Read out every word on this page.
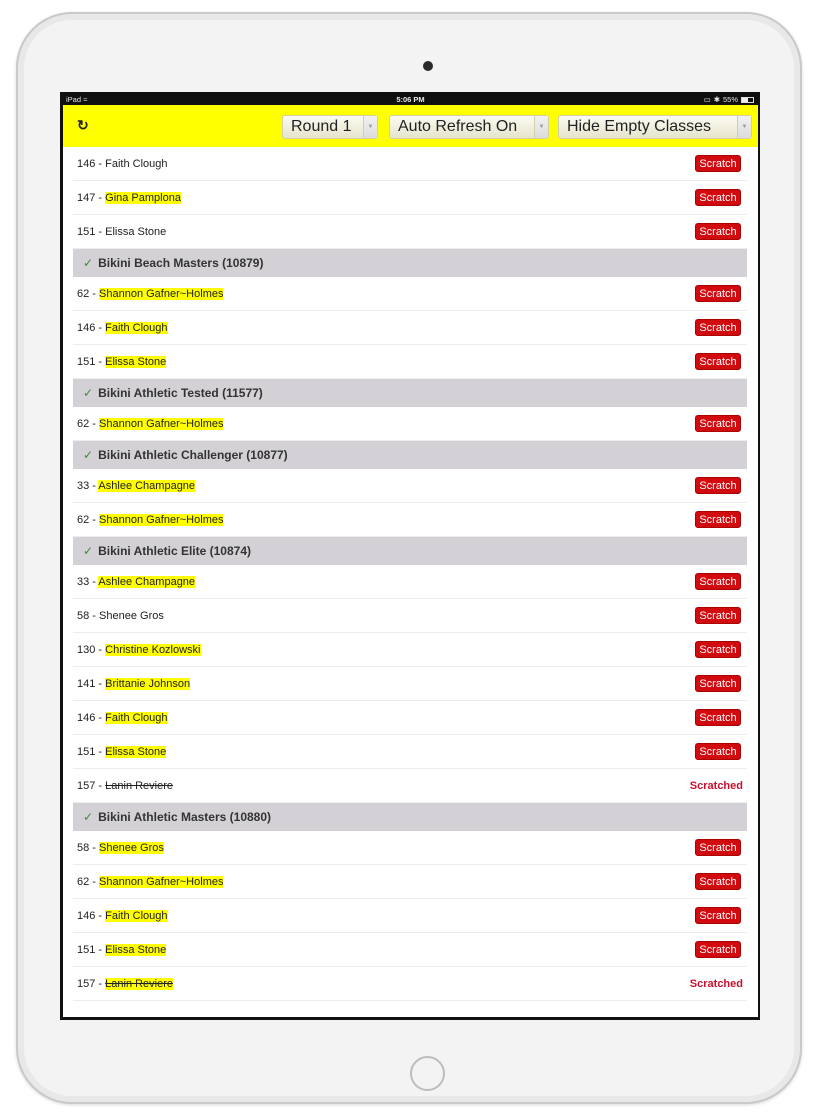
iPad ≈	5:06 PM	▭ ✱ 55%
↻	Round 1	▼	Auto Refresh On	▼	Hide Empty Classes	▼
146 - Faith Clough	Scratch
147 - Gina Pamplona	Scratch
151 - Elissa Stone	Scratch
✓ Bikini Beach Masters (10879)
62 - Shannon Gafner~Holmes	Scratch
146 - Faith Clough	Scratch
151 - Elissa Stone	Scratch
✓ Bikini Athletic Tested (11577)
62 - Shannon Gafner~Holmes	Scratch
✓ Bikini Athletic Challenger (10877)
33 - Ashlee Champagne	Scratch
62 - Shannon Gafner~Holmes	Scratch
✓ Bikini Athletic Elite (10874)
33 - Ashlee Champagne	Scratch
58 - Shenee Gros	Scratch
130 - Christine Kozlowski	Scratch
141 - Brittanie Johnson	Scratch
146 - Faith Clough	Scratch
151 - Elissa Stone	Scratch
157 - Lanin Reviere	Scratched
✓ Bikini Athletic Masters (10880)
58 - Shenee Gros	Scratch
62 - Shannon Gafner~Holmes	Scratch
146 - Faith Clough	Scratch
151 - Elissa Stone	Scratch
157 - Lanin Reviere	Scratched
